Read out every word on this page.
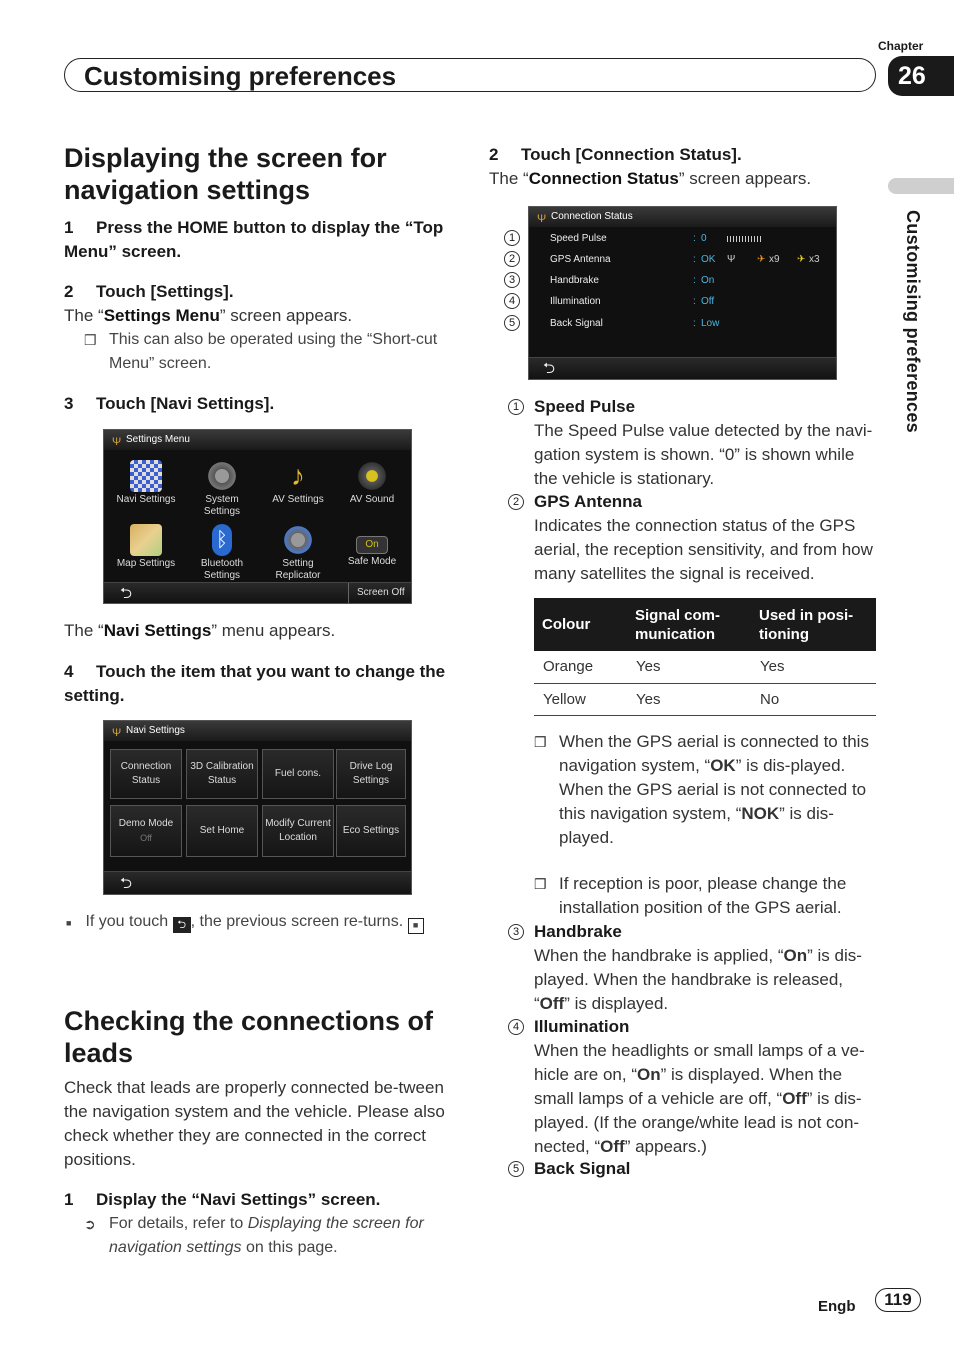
Chapter
Customising preferences	26
Customising preferences
Displaying the screen for navigation settings
1 Press the HOME button to display the “Top Menu” screen.
2 Touch [Settings].
The “Settings Menu” screen appears.
❒ This can also be operated using the “Short-cut Menu” screen.
3 Touch [Navi Settings].
Ψ Settings Menu
Navi Settings	System Settings
♪
AV Settings	AV Sound
Map Settings
ᛒ
Bluetooth Settings
Setting Replicator
On
Safe Mode
⮌	Screen Off
The “Navi Settings” menu appears.
4 Touch the item that you want to change the setting.
Ψ Navi Settings
Connection Status
3D Calibration Status
Fuel cons.
Drive Log Settings
Demo Mode
Off
Set Home
Modify Current Location
Eco Settings
⮌
■ If you touch ⮌ , the previous screen re-turns. ■
Checking the connections of leads
Check that leads are properly connected be-tween the navigation system and the vehicle. Please also check whether they are connected in the correct positions.
1 Display the “Navi Settings” screen.
➲ For details, refer to Displaying the screen for navigation settings on this page.
2 Touch [Connection Status].
The “Connection Status” screen appears.
Ψ Connection Status
Speed Pulse	: 0
GPS Antenna	: OK Ψ ✈ x9 ✈ x3
Handbrake	: On
Illumination	: Off
Back Signal	: Low
⮌
1
2
3
4
5
1 Speed Pulse
The Speed Pulse value detected by the navi-gation system is shown. “0” is shown while the vehicle is stationary.
2 GPS Antenna
Indicates the connection status of the GPS aerial, the reception sensitivity, and from how many satellites the signal is received.
Colour	Signal com-munication	Used in posi-tioning
Orange	Yes	Yes
Yellow	Yes	No
❒ When the GPS aerial is connected to this navigation system, “OK” is dis-played.
When the GPS aerial is not connected to this navigation system, “NOK” is dis-played.
❒ If reception is poor, please change the installation position of the GPS aerial.
3 Handbrake
When the handbrake is applied, “On” is dis-played. When the handbrake is released, “Off” is displayed.
4 Illumination
When the headlights or small lamps of a ve-hicle are on, “On” is displayed. When the small lamps of a vehicle are off, “Off” is dis-played. (If the orange/white lead is not con-nected, “Off” appears.)
5 Back Signal
Engb	119
